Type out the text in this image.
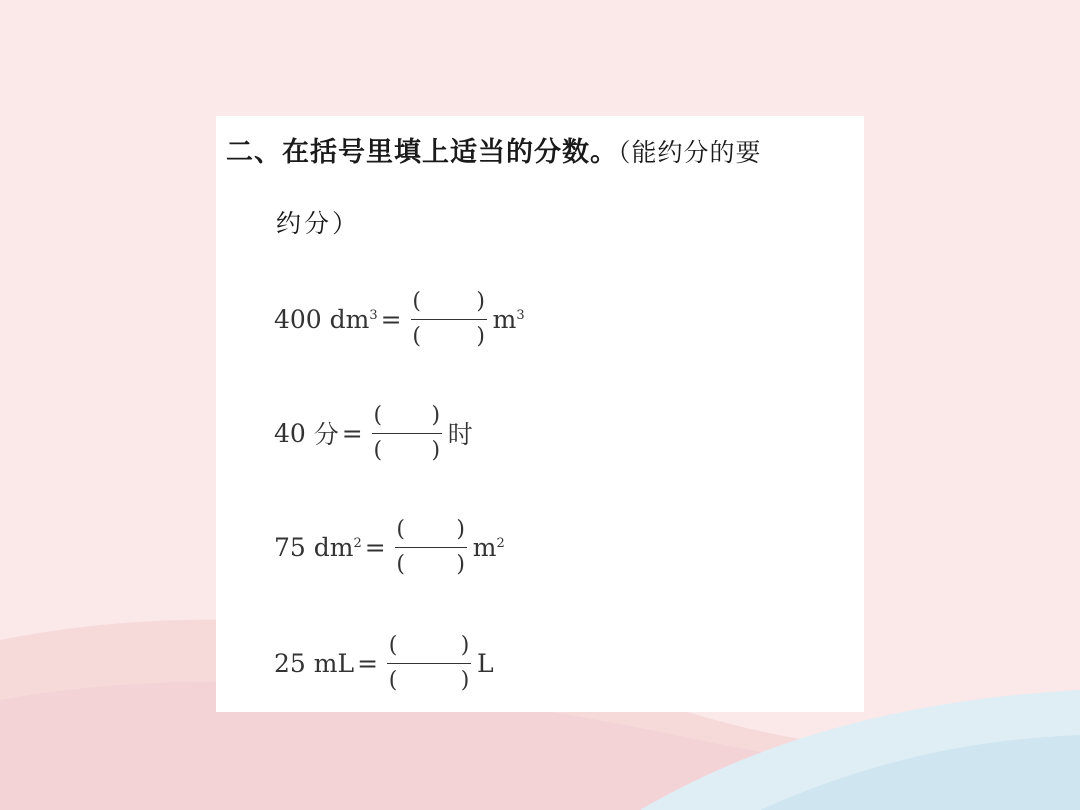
二、在括号里填上适当的分数。（能约分的要
约分）
400
dm 3 = (	)
(	) m 3
40
分 = $\frac{( )}{( )}$ 时
75
dm $2 = \frac{( )}{( )}$ m 2
25
mL = (	)
(	) L
